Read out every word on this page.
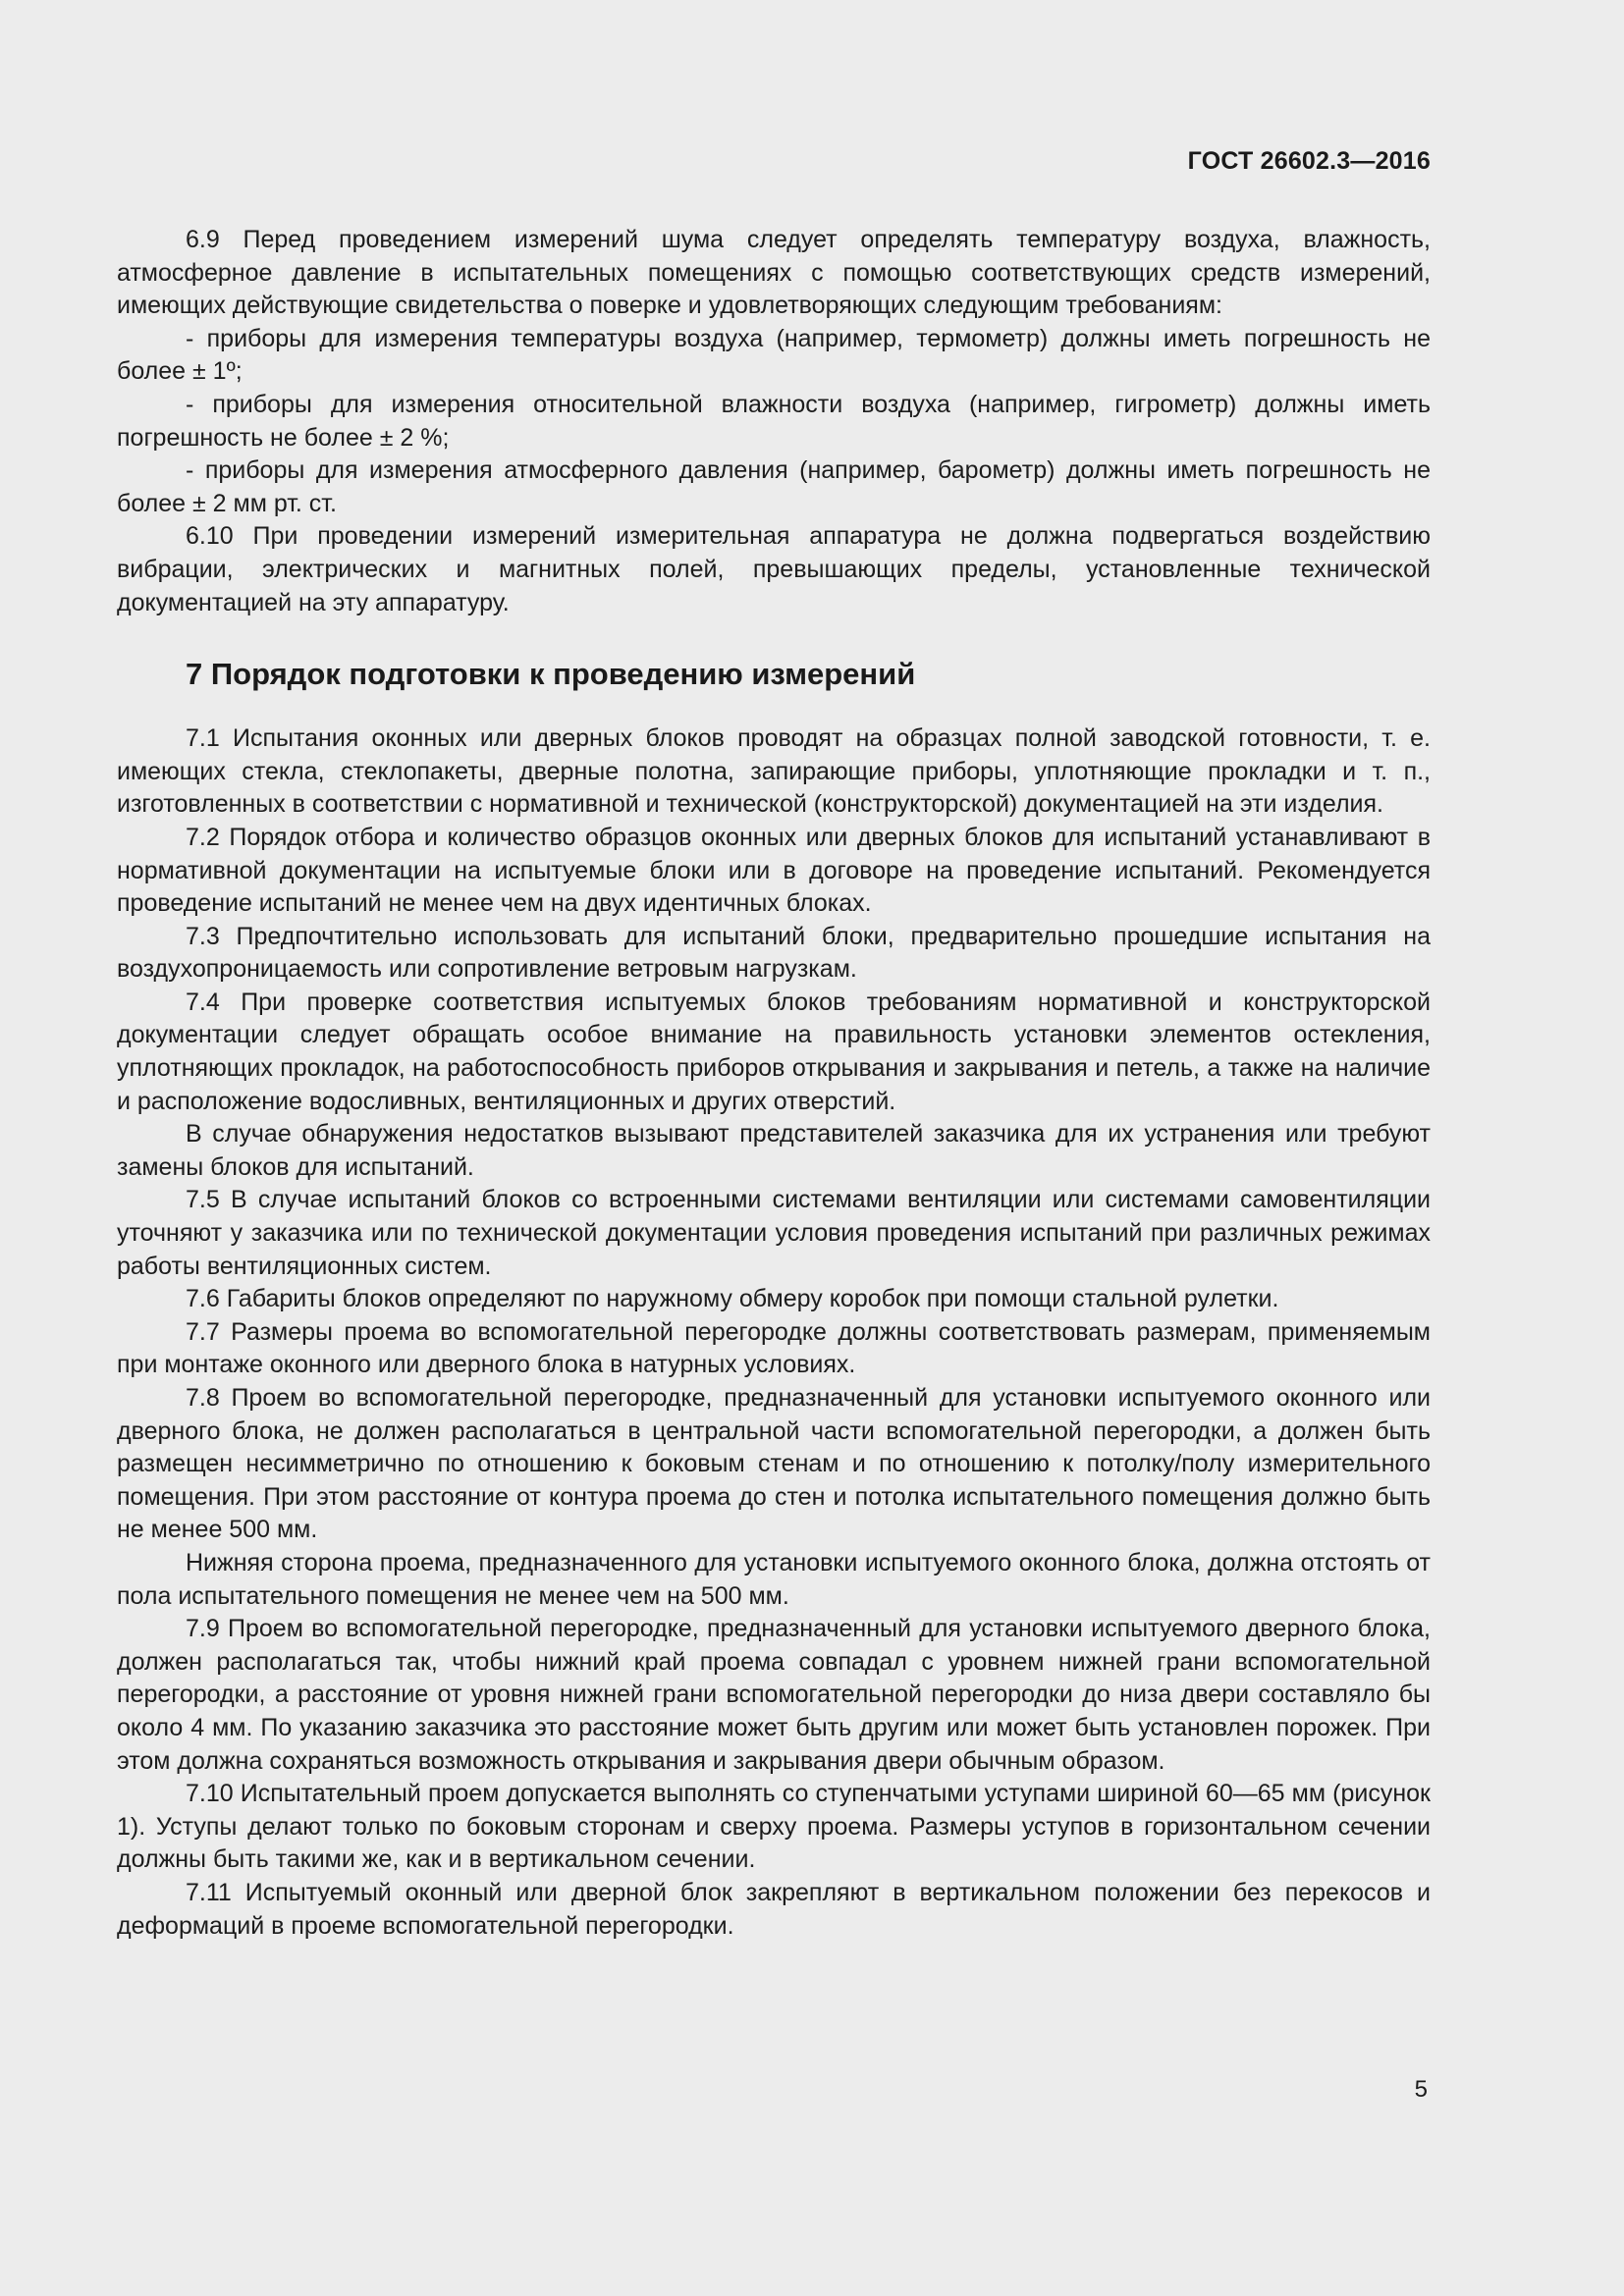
ГОСТ 26602.3—2016

6.9 Перед проведением измерений шума следует определять температуру воздуха, влажность, атмосферное давление в испытательных помещениях с помощью соответствующих средств измерений, имеющих действующие свидетельства о поверке и удовлетворяющих следующим требованиям:

- приборы для измерения температуры воздуха (например, термометр) должны иметь погрешность не более ± 1º;

- приборы для измерения относительной влажности воздуха (например, гигрометр) должны иметь погрешность не более ± 2 %;

- приборы для измерения атмосферного давления (например, барометр) должны иметь погрешность не более ± 2 мм рт. ст.

6.10 При проведении измерений измерительная аппаратура не должна подвергаться воздействию вибрации, электрических и магнитных полей, превышающих пределы, установленные технической документацией на эту аппаратуру.

7 Порядок подготовки к проведению измерений

7.1 Испытания оконных или дверных блоков проводят на образцах полной заводской готовности, т. е. имеющих стекла, стеклопакеты, дверные полотна, запирающие приборы, уплотняющие прокладки и т. п., изготовленных в соответствии с нормативной и технической (конструкторской) документацией на эти изделия.

7.2 Порядок отбора и количество образцов оконных или дверных блоков для испытаний устанавливают в нормативной документации на испытуемые блоки или в договоре на проведение испытаний. Рекомендуется проведение испытаний не менее чем на двух идентичных блоках.

7.3 Предпочтительно использовать для испытаний блоки, предварительно прошедшие испытания на воздухопроницаемость или сопротивление ветровым нагрузкам.

7.4 При проверке соответствия испытуемых блоков требованиям нормативной и конструкторской документации следует обращать особое внимание на правильность установки элементов остекления, уплотняющих прокладок, на работоспособность приборов открывания и закрывания и петель, а также на наличие и расположение водосливных, вентиляционных и других отверстий.

В случае обнаружения недостатков вызывают представителей заказчика для их устранения или требуют замены блоков для испытаний.

7.5 В случае испытаний блоков со встроенными системами вентиляции или системами самовентиляции уточняют у заказчика или по технической документации условия проведения испытаний при различных режимах работы вентиляционных систем.

7.6 Габариты блоков определяют по наружному обмеру коробок при помощи стальной рулетки.

7.7 Размеры проема во вспомогательной перегородке должны соответствовать размерам, применяемым при монтаже оконного или дверного блока в натурных условиях.

7.8 Проем во вспомогательной перегородке, предназначенный для установки испытуемого оконного или дверного блока, не должен располагаться в центральной части вспомогательной перегородки, а должен быть размещен несимметрично по отношению к боковым стенам и по отношению к потолку/полу измерительного помещения. При этом расстояние от контура проема до стен и потолка испытательного помещения должно быть не менее 500 мм.

Нижняя сторона проема, предназначенного для установки испытуемого оконного блока, должна отстоять от пола испытательного помещения не менее чем на 500 мм.

7.9 Проем во вспомогательной перегородке, предназначенный для установки испытуемого дверного блока, должен располагаться так, чтобы нижний край проема совпадал с уровнем нижней грани вспомогательной перегородки, а расстояние от уровня нижней грани вспомогательной перегородки до низа двери составляло бы около 4 мм. По указанию заказчика это расстояние может быть другим или может быть установлен порожек. При этом должна сохраняться возможность открывания и закрывания двери обычным образом.

7.10 Испытательный проем допускается выполнять со ступенчатыми уступами шириной 60—65 мм (рисунок 1). Уступы делают только по боковым сторонам и сверху проема. Размеры уступов в горизонтальном сечении должны быть такими же, как и в вертикальном сечении.

7.11 Испытуемый оконный или дверной блок закрепляют в вертикальном положении без перекосов и деформаций в проеме вспомогательной перегородки.

5
